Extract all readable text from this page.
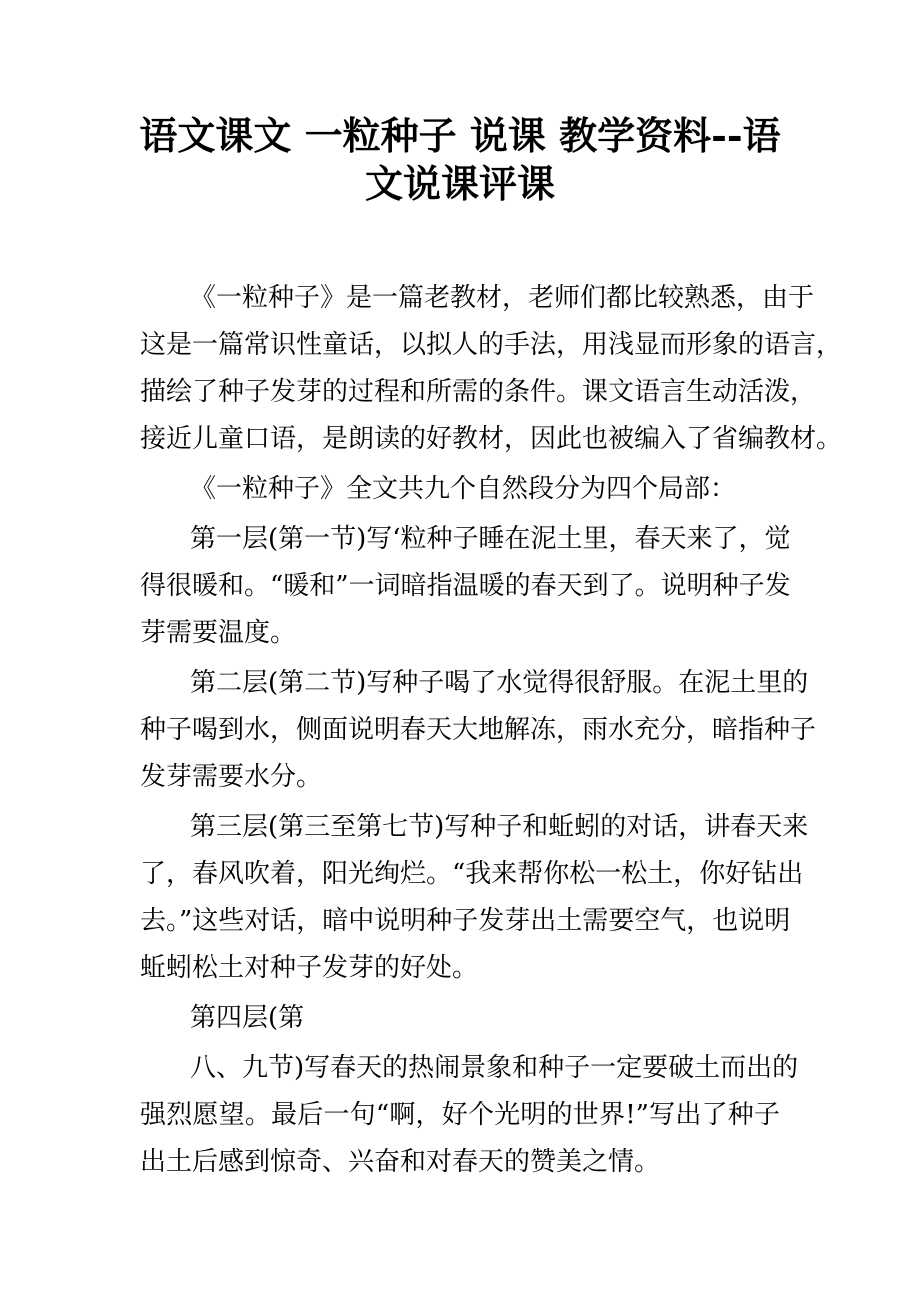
语文课文 一粒种子 说课 教学资料--语
文说课评课
《一粒种子》是一篇老教材，老师们都比较熟悉，由于
这是一篇常识性童话，以拟人的手法，用浅显而形象的语言，
描绘了种子发芽的过程和所需的条件。课文语言生动活泼，
接近儿童口语，是朗读的好教材，因此也被编入了省编教材。
《一粒种子》全文共九个自然段分为四个局部：
第一层(第一节)写‘粒种子睡在泥土里，春天来了，觉
得很暖和。“暖和”一词暗指温暖的春天到了。说明种子发
芽需要温度。
第二层(第二节)写种子喝了水觉得很舒服。在泥土里的
种子喝到水，侧面说明春天大地解冻，雨水充分，暗指种子
发芽需要水分。
第三层(第三至第七节)写种子和蚯蚓的对话，讲春天来
了，春风吹着，阳光绚烂。“我来帮你松一松土，你好钻出
去。”这些对话，暗中说明种子发芽出土需要空气，也说明
蚯蚓松土对种子发芽的好处。
第四层(第
八、九节)写春天的热闹景象和种子一定要破土而出的
强烈愿望。最后一句“啊，好个光明的世界!”写出了种子
出土后感到惊奇、兴奋和对春天的赞美之情。
